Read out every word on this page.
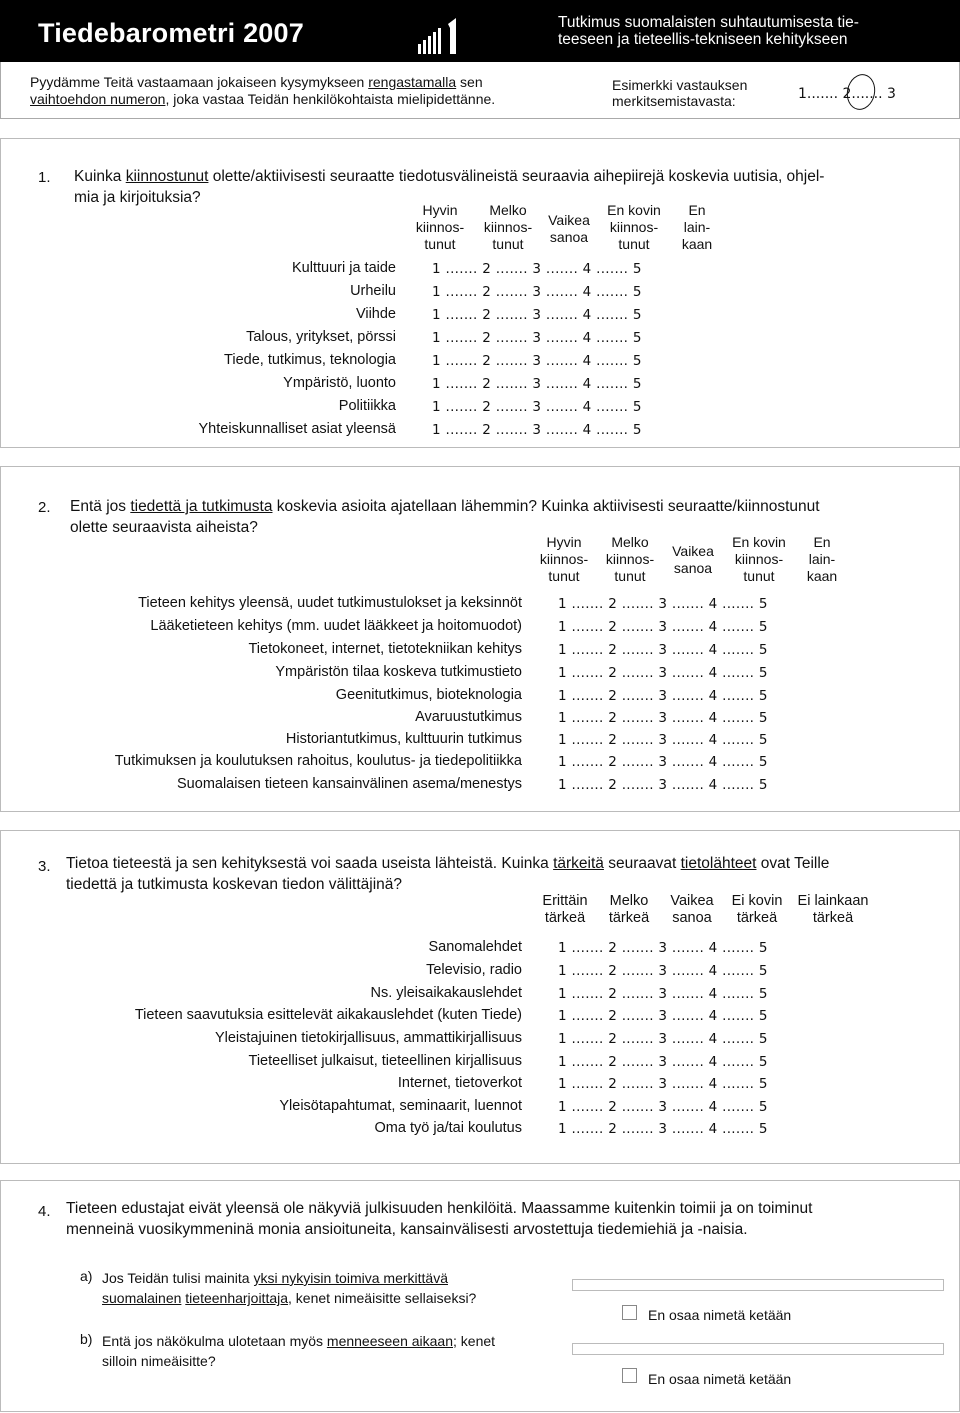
Tiedebarometri 2007	Tutkimus suomalaisten suhtautumisesta tie-
teeseen ja tieteellis-tekniseen kehitykseen
Pyydämme Teitä vastaamaan jokaiseen kysymykseen rengastamalla sen
vaihtoehdon numeron, joka vastaa Teidän henkilökohtaista mielipidettänne.
Esimerkki vastauksen
merkitsemistavasta:	1....... 2....... 3
1. Kuinka kiinnostunut olette/aktiivisesti seuraatte tiedotusvälineistä seuraavia aihepiirejä koskevia uutisia, ohjel-
mia ja kirjoituksia?
Hyvin
kiinnos-
tunut
Melko
kiinnos-
tunut
Vaikea
sanoa
En kovin
kiinnos-
tunut
En
lain-
kaan
Kulttuuri ja taide	1 ....... 2 ....... 3 ....... 4 ....... 5
Urheilu	1 ....... 2 ....... 3 ....... 4 ....... 5
Viihde	1 ....... 2 ....... 3 ....... 4 ....... 5
Talous, yritykset, pörssi	1 ....... 2 ....... 3 ....... 4 ....... 5
Tiede, tutkimus, teknologia	1 ....... 2 ....... 3 ....... 4 ....... 5
Ympäristö, luonto	1 ....... 2 ....... 3 ....... 4 ....... 5
Politiikka	1 ....... 2 ....... 3 ....... 4 ....... 5
Yhteiskunnalliset asiat yleensä	1 ....... 2 ....... 3 ....... 4 ....... 5
2. Entä jos tiedettä ja tutkimusta koskevia asioita ajatellaan lähemmin? Kuinka aktiivisesti seuraatte/kiinnostunut
olette seuraavista aiheista?
Hyvin
kiinnos-
tunut
Melko
kiinnos-
tunut
Vaikea
sanoa
En kovin
kiinnos-
tunut
En
lain-
kaan
Tieteen kehitys yleensä, uudet tutkimustulokset ja keksinnöt	1 ....... 2 ....... 3 ....... 4 ....... 5
Lääketieteen kehitys (mm. uudet lääkkeet ja hoitomuodot)	1 ....... 2 ....... 3 ....... 4 ....... 5
Tietokoneet, internet, tietotekniikan kehitys	1 ....... 2 ....... 3 ....... 4 ....... 5
Ympäristön tilaa koskeva tutkimustieto	1 ....... 2 ....... 3 ....... 4 ....... 5
Geenitutkimus, bioteknologia	1 ....... 2 ....... 3 ....... 4 ....... 5
Avaruustutkimus	1 ....... 2 ....... 3 ....... 4 ....... 5
Historiantutkimus, kulttuurin tutkimus	1 ....... 2 ....... 3 ....... 4 ....... 5
Tutkimuksen ja koulutuksen rahoitus, koulutus- ja tiedepolitiikka	1 ....... 2 ....... 3 ....... 4 ....... 5
Suomalaisen tieteen kansainvälinen asema/menestys	1 ....... 2 ....... 3 ....... 4 ....... 5
3. Tietoa tieteestä ja sen kehityksestä voi saada useista lähteistä. Kuinka tärkeitä seuraavat tietolähteet ovat Teille
tiedettä ja tutkimusta koskevan tiedon välittäjinä?
Erittäin
tärkeä
Melko
tärkeä
Vaikea
sanoa
Ei kovin
tärkeä
Ei lainkaan
tärkeä
Sanomalehdet	1 ....... 2 ....... 3 ....... 4 ....... 5
Televisio, radio	1 ....... 2 ....... 3 ....... 4 ....... 5
Ns. yleisaikakauslehdet	1 ....... 2 ....... 3 ....... 4 ....... 5
Tieteen saavutuksia esittelevät aikakauslehdet (kuten Tiede)	1 ....... 2 ....... 3 ....... 4 ....... 5
Yleistajuinen tietokirjallisuus, ammattikirjallisuus	1 ....... 2 ....... 3 ....... 4 ....... 5
Tieteelliset julkaisut, tieteellinen kirjallisuus	1 ....... 2 ....... 3 ....... 4 ....... 5
Internet, tietoverkot	1 ....... 2 ....... 3 ....... 4 ....... 5
Yleisötapahtumat, seminaarit, luennot	1 ....... 2 ....... 3 ....... 4 ....... 5
Oma työ ja/tai koulutus	1 ....... 2 ....... 3 ....... 4 ....... 5
4. Tieteen edustajat eivät yleensä ole näkyviä julkisuuden henkilöitä. Maassamme kuitenkin toimii ja on toiminut
menneinä vuosikymmeninä monia ansioituneita, kansainvälisesti arvostettuja tiedemiehiä ja -naisia.
a) Jos Teidän tulisi mainita yksi nykyisin toimiva merkittävä
suomalainen tieteenharjoittaja, kenet nimeäisitte sellaiseksi?
En osaa nimetä ketään
b) Entä jos näkökulma ulotetaan myös menneeseen aikaan; kenet
silloin nimeäisitte?
En osaa nimetä ketään
